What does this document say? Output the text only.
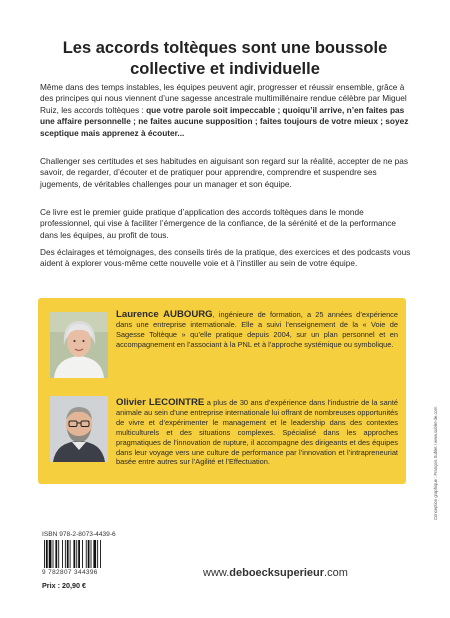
Les accords toltèques sont une boussole
collective et individuelle

Même dans des temps instables, les équipes peuvent agir, progresser et réussir ensemble, grâce à des principes qui nous viennent d’une sagesse ancestrale multimillénaire rendue célèbre par Miguel Ruiz, les accords toltèques : que votre parole soit impeccable ; quoiqu’il arrive, n’en faites pas une affaire personnelle ; ne faites aucune supposition ; faites toujours de votre mieux ; soyez sceptique mais apprenez à écouter...

Challenger ses certitudes et ses habitudes en aiguisant son regard sur la réalité, accepter de ne pas savoir, de regarder, d’écouter et de pratiquer pour apprendre, comprendre et suspendre ses jugements, de véritables challenges pour un manager et son équipe.

Ce livre est le premier guide pratique d’application des accords toltèques dans le monde professionnel, qui vise à faciliter l’émergence de la confiance, de la sérénité et de la performance dans les équipes, au profit de tous.

Des éclairages et témoignages, des conseils tirés de la pratique, des exercices et des podcasts vous aident à explorer vous-même cette nouvelle voie et à l’instiller au sein de votre équipe.

Laurence AUBOURG, ingénieure de formation, a 25 années d’expérience dans une entreprise internationale. Elle a suivi l’enseignement de la « Voie de Sagesse Toltèque » qu’elle pratique depuis 2004, sur un plan personnel et en accompagnement en l’associant à la PNL et à l’approche systémique ou symbolique.

Olivier LECOINTRE a plus de 30 ans d’expérience dans l’industrie de la santé animale au sein d’une entreprise internationale lui offrant de nombreuses opportunités de vivre et d’expérimenter le management et le leadership dans des contextes multiculturels et des situations complexes. Spécialisé dans les approches pragmatiques de l’innovation de rupture, il accompagne des dirigeants et des équipes dans leur voyage vers une culture de performance par l’innovation et l’intrapreneuriat basée entre autres sur l’Agilité et l’Effectuation.

ISBN 978-2-8073-4439-6
9 782807 344396
Prix : 20,90 €
www.deboecksuperieur.com
Conception graphique : François Sublet / www.sublet-de.com
